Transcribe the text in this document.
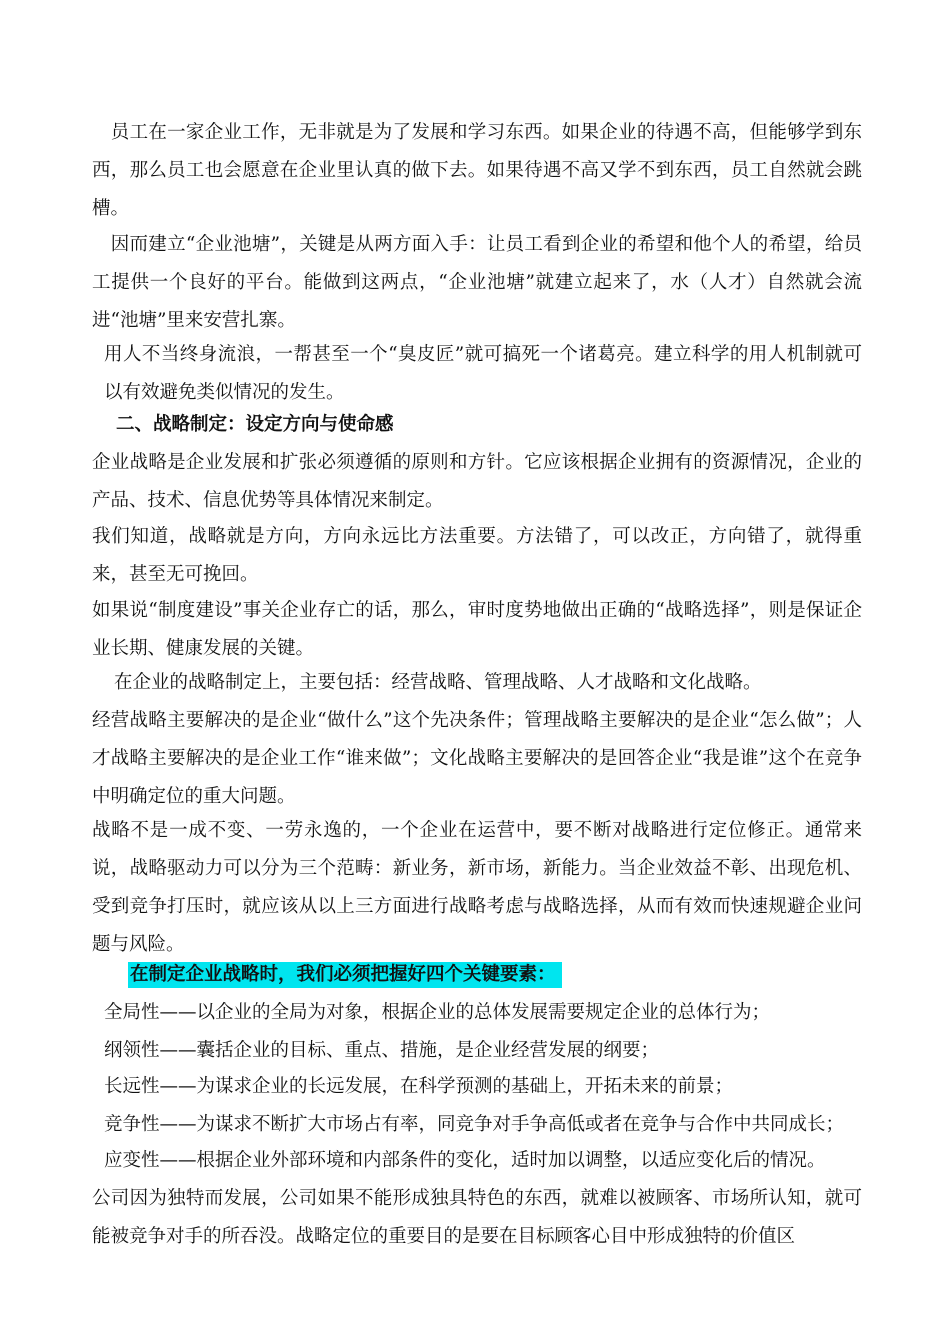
　员工在一家企业工作，无非就是为了发展和学习东西。如果企业的待遇不高，但能够学到东西，那么员工也会愿意在企业里认真的做下去。如果待遇不高又学不到东西，员工自然就会跳槽。

　因而建立“企业池塘”，关键是从两方面入手：让员工看到企业的希望和他个人的希望，给员工提供一个良好的平台。能做到这两点，“企业池塘”就建立起来了，水（人才）自然就会流进“池塘”里来安营扎寨。

用人不当终身流浪，一帮甚至一个“臭皮匠”就可搞死一个诸葛亮。建立科学的用人机制就可以有效避免类似情况的发生。

二、战略制定：设定方向与使命感

企业战略是企业发展和扩张必须遵循的原则和方针。它应该根据企业拥有的资源情况，企业的产品、技术、信息优势等具体情况来制定。

我们知道，战略就是方向，方向永远比方法重要。方法错了，可以改正，方向错了，就得重来，甚至无可挽回。

如果说“制度建设”事关企业存亡的话，那么，审时度势地做出正确的“战略选择”，则是保证企业长期、健康发展的关键。

在企业的战略制定上，主要包括：经营战略、管理战略、人才战略和文化战略。

经营战略主要解决的是企业“做什么”这个先决条件；管理战略主要解决的是企业“怎么做”；人才战略主要解决的是企业工作“谁来做”；文化战略主要解决的是回答企业“我是谁”这个在竞争中明确定位的重大问题。

战略不是一成不变、一劳永逸的，一个企业在运营中，要不断对战略进行定位修正。通常来说，战略驱动力可以分为三个范畴：新业务，新市场，新能力。当企业效益不彰、出现危机、受到竞争打压时，就应该从以上三方面进行战略考虑与战略选择，从而有效而快速规避企业问题与风险。

在制定企业战略时，我们必须把握好四个关键要素：

全局性——以企业的全局为对象，根据企业的总体发展需要规定企业的总体行为；

纲领性——囊括企业的目标、重点、措施，是企业经营发展的纲要；

长远性——为谋求企业的长远发展，在科学预测的基础上，开拓未来的前景；

竞争性——为谋求不断扩大市场占有率，同竞争对手争高低或者在竞争与合作中共同成长；

应变性——根据企业外部环境和内部条件的变化，适时加以调整，以适应变化后的情况。

公司因为独特而发展，公司如果不能形成独具特色的东西，就难以被顾客、市场所认知，就可能被竞争对手的所吞没。战略定位的重要目的是要在目标顾客心目中形成独特的价值区
